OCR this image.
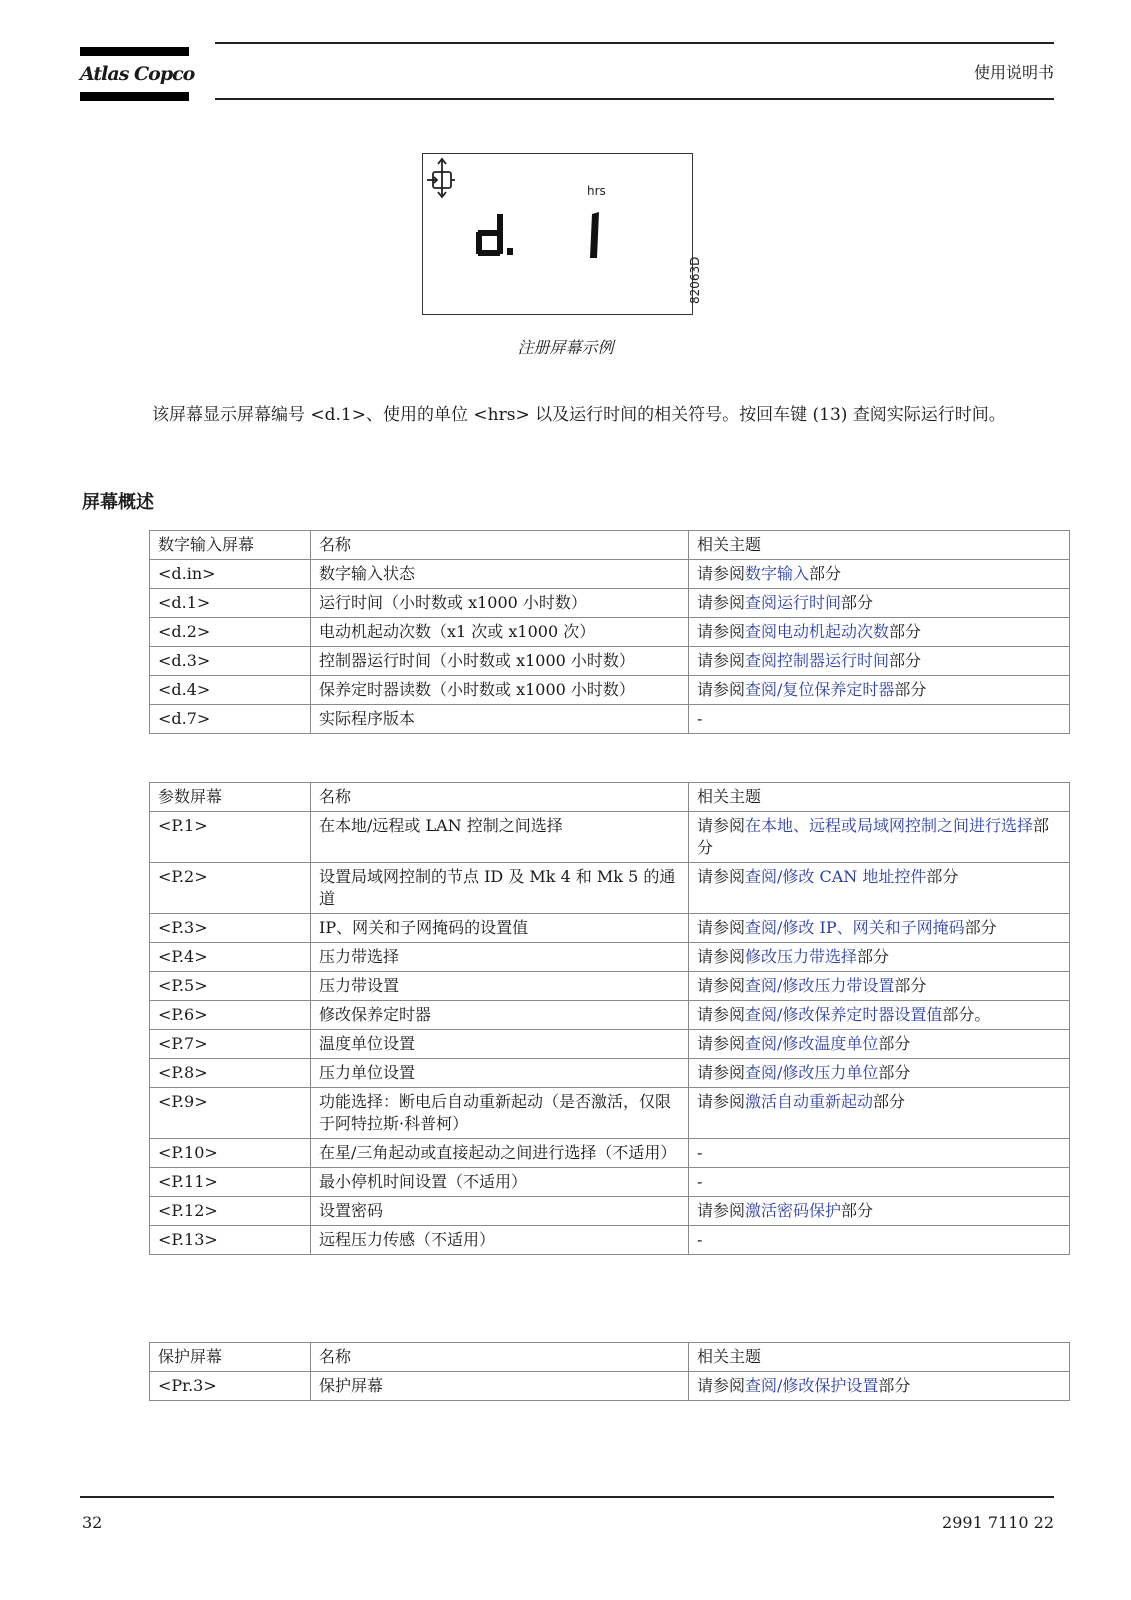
Atlas Copco	使用说明书
hrs
82063D
注册屏幕示例

该屏幕显示屏幕编号 <d.1>、使用的单位 <hrs> 以及运行时间的相关符号。按回车键 (13) 查阅实际运行时间。

屏幕概述
数字输入屏幕	名称	相关主题
<d.in>	数字输入状态	请参阅数字输入部分
<d.1>	运行时间（小时数或 x1000 小时数）	请参阅查阅运行时间部分
<d.2>	电动机起动次数（x1 次或 x1000 次）	请参阅查阅电动机起动次数部分
<d.3>	控制器运行时间（小时数或 x1000 小时数）	请参阅查阅控制器运行时间部分
<d.4>	保养定时器读数（小时数或 x1000 小时数）	请参阅查阅/复位保养定时器部分
<d.7>	实际程序版本	-
参数屏幕	名称	相关主题
<P.1>	在本地/远程或 LAN 控制之间选择	请参阅在本地、远程或局域网控制之间进行选择部分
<P.2>	设置局域网控制的节点 ID 及 Mk 4 和 Mk 5 的通道	请参阅查阅/修改 CAN 地址控件部分
<P.3>	IP、网关和子网掩码的设置值	请参阅查阅/修改 IP、网关和子网掩码部分
<P.4>	压力带选择	请参阅修改压力带选择部分
<P.5>	压力带设置	请参阅查阅/修改压力带设置部分
<P.6>	修改保养定时器	请参阅查阅/修改保养定时器设置值部分。
<P.7>	温度单位设置	请参阅查阅/修改温度单位部分
<P.8>	压力单位设置	请参阅查阅/修改压力单位部分
<P.9>	功能选择：断电后自动重新起动（是否激活，仅限于阿特拉斯·科普柯）	请参阅激活自动重新起动部分
<P.10>	在星/三角起动或直接起动之间进行选择（不适用）	-
<P.11>	最小停机时间设置（不适用）	-
<P.12>	设置密码	请参阅激活密码保护部分
<P.13>	远程压力传感（不适用）	-
保护屏幕	名称	相关主题
<Pr.3>	保护屏幕	请参阅查阅/修改保护设置部分
32	2991 7110 22
